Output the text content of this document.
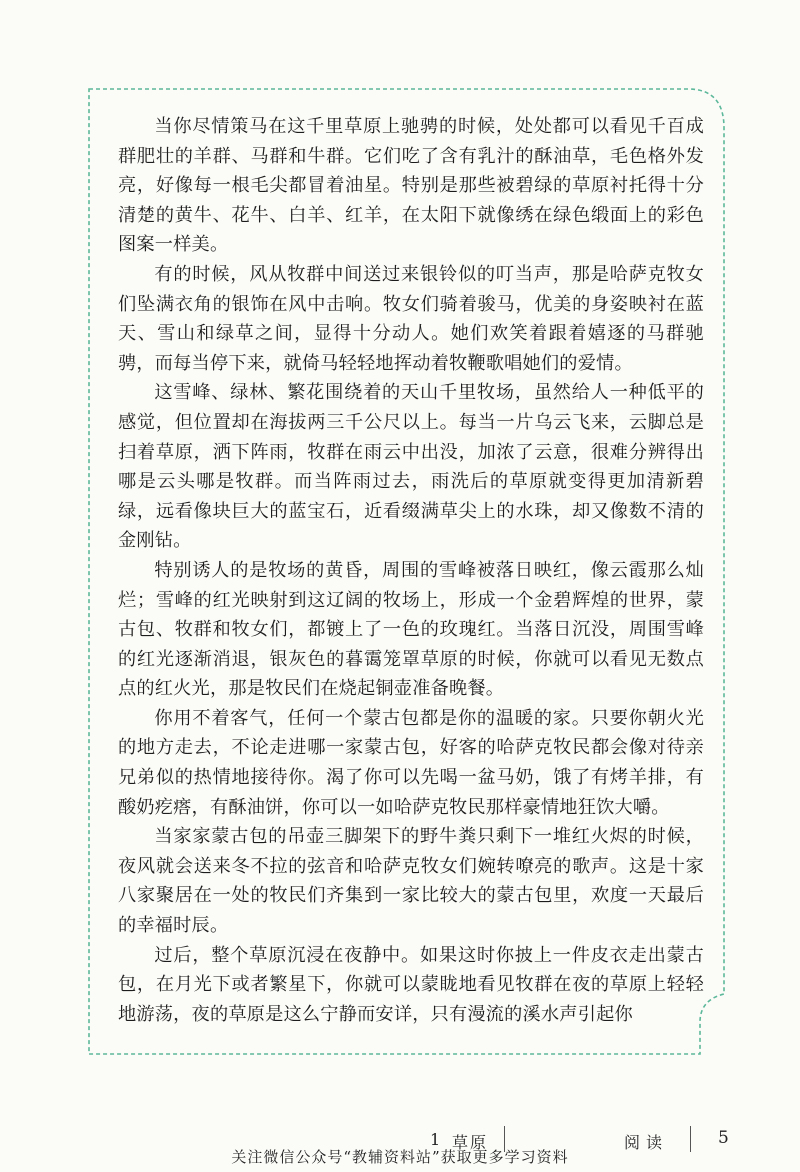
当你尽情策马在这千里草原上驰骋的时候，处处都可以看见千百成群肥壮的羊群、马群和牛群。它们吃了含有乳汁的酥油草，毛色格外发亮，好像每一根毛尖都冒着油星。特别是那些被碧绿的草原衬托得十分清楚的黄牛、花牛、白羊、红羊，在太阳下就像绣在绿色缎面上的彩色图案一样美。

有的时候，风从牧群中间送过来银铃似的叮当声，那是哈萨克牧女们坠满衣角的银饰在风中击响。牧女们骑着骏马，优美的身姿映衬在蓝天、雪山和绿草之间，显得十分动人。她们欢笑着跟着嬉逐的马群驰骋，而每当停下来，就倚马轻轻地挥动着牧鞭歌唱她们的爱情。

这雪峰、绿林、繁花围绕着的天山千里牧场，虽然给人一种低平的感觉，但位置却在海拔两三千公尺以上。每当一片乌云飞来，云脚总是扫着草原，洒下阵雨，牧群在雨云中出没，加浓了云意，很难分辨得出哪是云头哪是牧群。而当阵雨过去，雨洗后的草原就变得更加清新碧绿，远看像块巨大的蓝宝石，近看缀满草尖上的水珠，却又像数不清的金刚钻。

特别诱人的是牧场的黄昏，周围的雪峰被落日映红，像云霞那么灿烂；雪峰的红光映射到这辽阔的牧场上，形成一个金碧辉煌的世界，蒙古包、牧群和牧女们，都镀上了一色的玫瑰红。当落日沉没，周围雪峰的红光逐渐消退，银灰色的暮霭笼罩草原的时候，你就可以看见无数点点的红火光，那是牧民们在烧起铜壶准备晚餐。

你用不着客气，任何一个蒙古包都是你的温暖的家。只要你朝火光的地方走去，不论走进哪一家蒙古包，好客的哈萨克牧民都会像对待亲兄弟似的热情地接待你。渴了你可以先喝一盆马奶，饿了有烤羊排，有酸奶疙瘩，有酥油饼，你可以一如哈萨克牧民那样豪情地狂饮大嚼。

当家家蒙古包的吊壶三脚架下的野牛粪只剩下一堆红火烬的时候，夜风就会送来冬不拉的弦音和哈萨克牧女们婉转嘹亮的歌声。这是十家八家聚居在一处的牧民们齐集到一家比较大的蒙古包里，欢度一天最后的幸福时辰。

过后，整个草原沉浸在夜静中。如果这时你披上一件皮衣走出蒙古包，在月光下或者繁星下，你就可以蒙眬地看见牧群在夜的草原上轻轻地游荡，夜的草原是这么宁静而安详，只有漫流的溪水声引起你

1 草原	阅读	5
关注微信公众号“教辅资料站”获取更多学习资料
